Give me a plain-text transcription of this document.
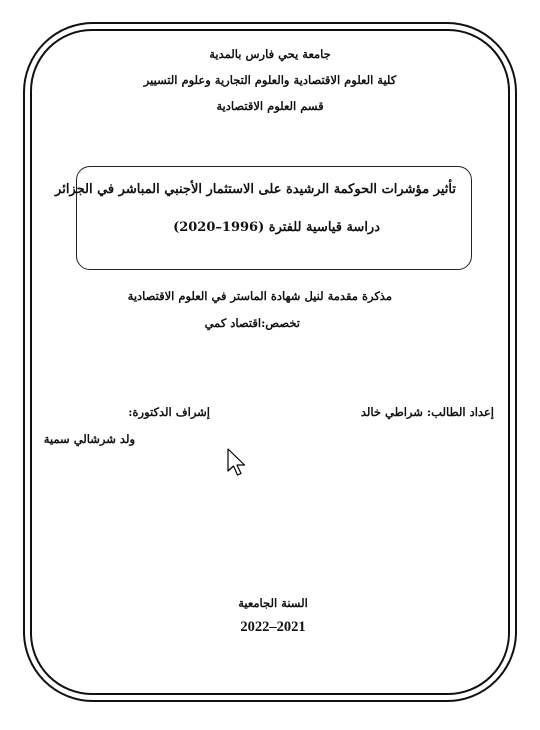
جامعة يحي فارس بالمدية
كلية العلوم الاقتصادية والعلوم التجارية وعلوم التسيير
قسم العلوم الاقتصادية
تأثير مؤشرات الحوكمة الرشيدة على الاستثمار الأجنبي المباشر في الجزائر
دراسة قياسية للفترة (1996–2020)
مذكرة مقدمة لنيل شهادة الماستر في العلوم الاقتصادية
تخصص:اقتصاد كمي
إعداد الطالب: شراطي خالد
إشراف الدكتورة:
ولد شرشالي سمية
السنة الجامعية
2022–2021
